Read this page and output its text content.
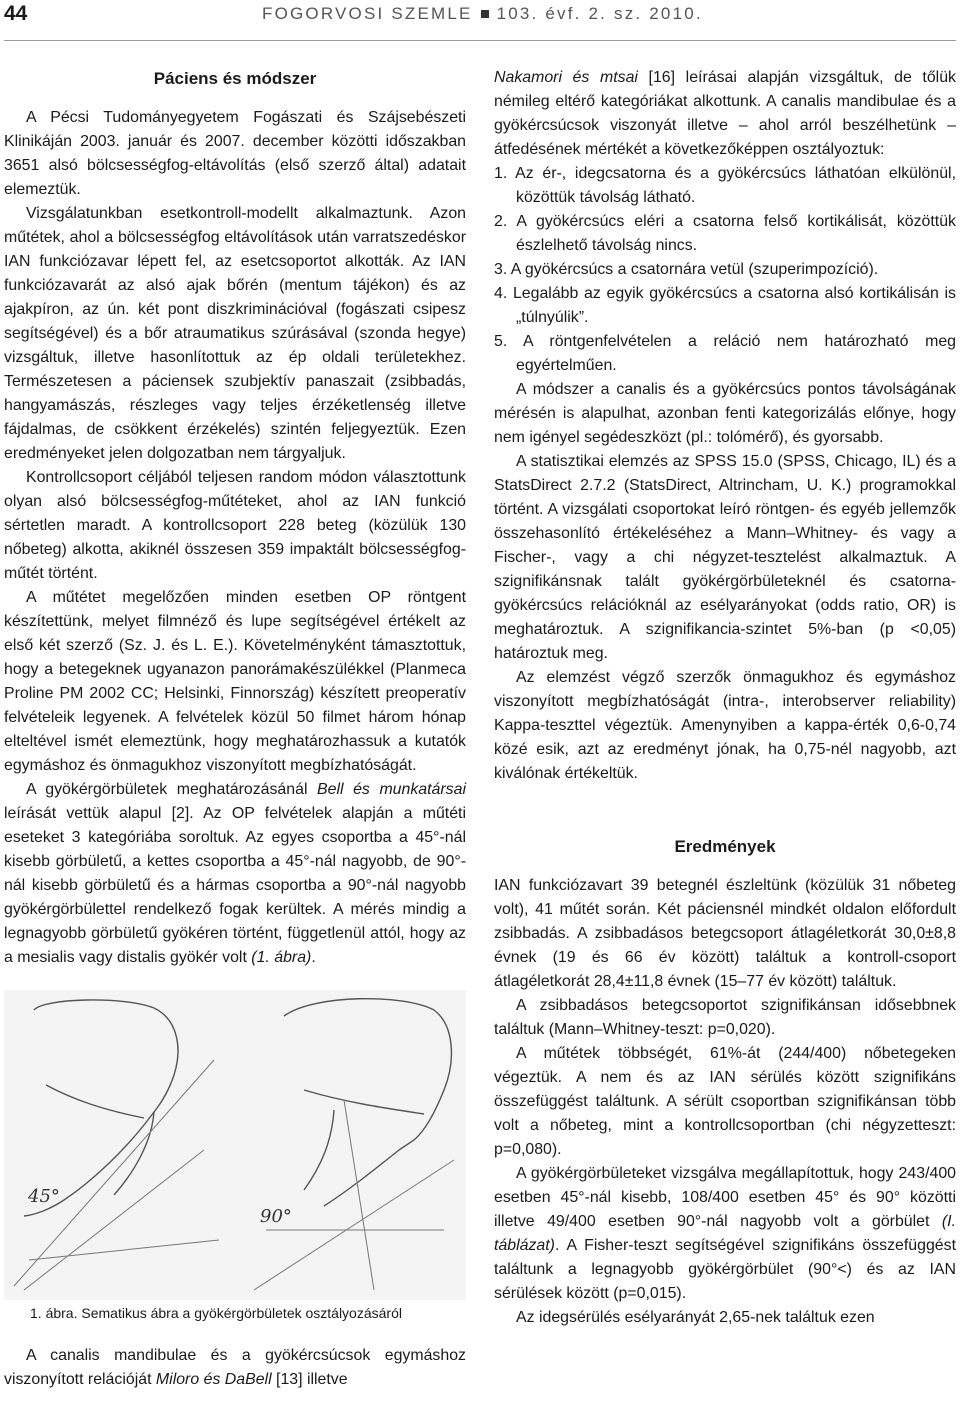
44	FOGORVOSI SZEMLE 103. évf. 2. sz. 2010.
Páciens és módszer

A Pécsi Tudományegyetem Fogászati és Szájsebészeti Klinikáján 2003. január és 2007. december közötti időszakban 3651 alsó bölcsességfog-eltávolítás (első szerző által) adatait elemeztük.

Vizsgálatunkban esetkontroll-modellt alkalmaztunk. Azon műtétek, ahol a bölcsességfog eltávolítások után varratszedéskor IAN funkciózavar lépett fel, az esetcsoportot alkották. Az IAN funkciózavarát az alsó ajak bőrén (mentum tájékon) és az ajakpíron, az ún. két pont diszkriminációval (fogászati csipesz segítségével) és a bőr atraumatikus szúrásával (szonda hegye) vizsgáltuk, illetve hasonlítottuk az ép oldali területekhez. Természetesen a páciensek szubjektív panaszait (zsibbadás, hangyamászás, részleges vagy teljes érzéketlenség illetve fájdalmas, de csökkent érzékelés) szintén feljegyeztük. Ezen eredményeket jelen dolgozatban nem tárgyaljuk.

Kontrollcsoport céljából teljesen random módon választottunk olyan alsó bölcsességfog-műtéteket, ahol az IAN funkció sértetlen maradt. A kontrollcsoport 228 beteg (közülük 130 nőbeteg) alkotta, akiknél összesen 359 impaktált bölcsességfog-műtét történt.

A műtétet megelőzően minden esetben OP röntgent készítettünk, melyet filmnéző és lupe segítségével értékelt az első két szerző (Sz. J. és L. E.). Követelményként támasztottuk, hogy a betegeknek ugyanazon panorámakészülékkel (Planmeca Proline PM 2002 CC; Helsinki, Finnország) készített preoperatív felvételeik legyenek. A felvételek közül 50 filmet három hónap elteltével ismét elemeztünk, hogy meghatározhassuk a kutatók egymáshoz és önmagukhoz viszonyított megbízhatóságát.

A gyökérgörbületek meghatározásánál Bell és munkatársai leírását vettük alapul [2]. Az OP felvételek alapján a műtéti eseteket 3 kategóriába soroltuk. Az egyes csoportba a 45°-nál kisebb görbületű, a kettes csoportba a 45°-nál nagyobb, de 90°-nál kisebb görbületű és a hármas csoportba a 90°-nál nagyobb gyökérgörbülettel rendelkező fogak kerültek. A mérés mindig a legnagyobb görbületű gyökéren történt, függetlenül attól, hogy az a mesialis vagy distalis gyökér volt (1. ábra).

45°
90°

1. ábra. Sematikus ábra a gyökérgörbületek osztályozásáról

A canalis mandibulae és a gyökércsúcsok egymáshoz viszonyított relációját Miloro és DaBell [13] illetve

Nakamori és mtsai [16] leírásai alapján vizsgáltuk, de tőlük némileg eltérő kategóriákat alkottunk. A canalis mandibulae és a gyökércsúcsok viszonyát illetve – ahol arról beszélhetünk – átfedésének mértékét a következőképpen osztályoztuk:

1. Az ér-, idegcsatorna és a gyökércsúcs láthatóan elkülönül, közöttük távolság látható.
2. A gyökércsúcs eléri a csatorna felső kortikálisát, közöttük észlelhető távolság nincs.
3. A gyökércsúcs a csatornára vetül (szuperimpozíció).
4. Legalább az egyik gyökércsúcs a csatorna alsó kortikálisán is „túlnyúlik”.
5. A röntgenfelvételen a reláció nem határozható meg egyértelműen.

A módszer a canalis és a gyökércsúcs pontos távolságának mérésén is alapulhat, azonban fenti kategorizálás előnye, hogy nem igényel segédeszközt (pl.: tolómérő), és gyorsabb.

A statisztikai elemzés az SPSS 15.0 (SPSS, Chicago, IL) és a StatsDirect 2.7.2 (StatsDirect, Altrincham, U. K.) programokkal történt. A vizsgálati csoportokat leíró röntgen- és egyéb jellemzők összehasonlító értékeléséhez a Mann–Whitney- és vagy a Fischer-, vagy a chi négyzet-tesztelést alkalmaztuk. A szignifikánsnak talált gyökérgörbületeknél és csatorna-gyökércsúcs relációknál az esélyarányokat (odds ratio, OR) is meghatároztuk. A szignifikancia-szintet 5%-ban (p <0,05) határoztuk meg.

Az elemzést végző szerzők önmagukhoz és egymáshoz viszonyított megbízhatóságát (intra-, interobserver reliability) Kappa-teszttel végeztük. Amenynyiben a kappa-érték 0,6-0,74 közé esik, azt az eredményt jónak, ha 0,75-nél nagyobb, azt kiválónak értékeltük.

Eredmények

IAN funkciózavart 39 betegnél észleltünk (közülük 31 nőbeteg volt), 41 műtét során. Két páciensnél mindkét oldalon előfordult zsibbadás. A zsibbadásos betegcsoport átlagéletkorát 30,0±8,8 évnek (19 és 66 év között) találtuk a kontroll-csoport átlagéletkorát 28,4±11,8 évnek (15–77 év között) találtuk.

A zsibbadásos betegcsoportot szignifikánsan idősebbnek találtuk (Mann–Whitney-teszt: p=0,020).

A műtétek többségét, 61%-át (244/400) nőbetegeken végeztük. A nem és az IAN sérülés között szignifikáns összefüggést találtunk. A sérült csoportban szignifikánsan több volt a nőbeteg, mint a kontrollcsoportban (chi négyzetteszt: p=0,080).

A gyökérgörbületeket vizsgálva megállapítottuk, hogy 243/400 esetben 45°-nál kisebb, 108/400 esetben 45° és 90° közötti illetve 49/400 esetben 90°-nál nagyobb volt a görbület (I. táblázat). A Fisher-teszt segítségével szignifikáns összefüggést találtunk a legnagyobb gyökérgörbület (90°<) és az IAN sérülések között (p=0,015).

Az idegsérülés esélyarányát 2,65-nek találtuk ezen
